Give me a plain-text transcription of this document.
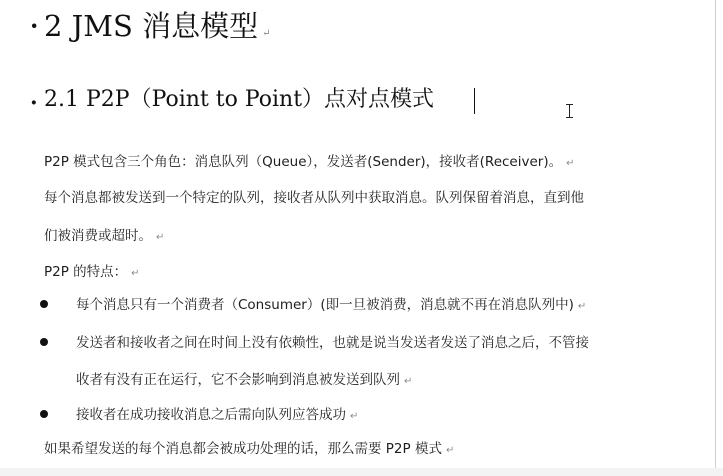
· 2 JMS 消息模型 ↵
· 2.1 P2P（Point to Point）点对点模式
P2P 模式包含三个角色：消息队列（Queue），发送者(Sender)，接收者(Receiver)。 ↵
每个消息都被发送到一个特定的队列，接收者从队列中获取消息。队列保留着消息，直到他
们被消费或超时。 ↵
P2P 的特点： ↵
每个消息只有一个消费者（Consumer）(即一旦被消费，消息就不再在消息队列中) ↵
发送者和接收者之间在时间上没有依赖性，也就是说当发送者发送了消息之后，不管接
收者有没有正在运行，它不会影响到消息被发送到队列 ↵
接收者在成功接收消息之后需向队列应答成功 ↵
如果希望发送的每个消息都会被成功处理的话，那么需要 P2P 模式 ↵
